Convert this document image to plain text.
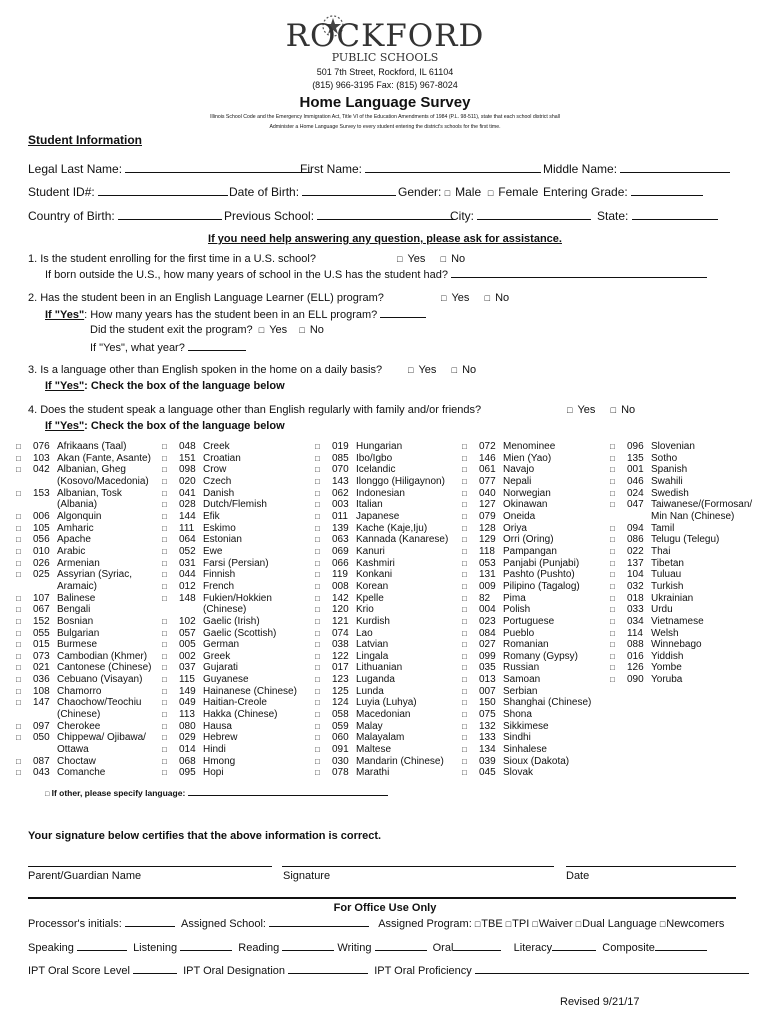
ROCKFORD
PUBLIC SCHOOLS
501 7th Street, Rockford, IL 61104
(815) 966-3195 Fax: (815) 967-8024
Home Language Survey
Illinois School Code and the Emergency Immigration Act, Title VI of the Education Amendments of 1984 (P.L. 98-511), state that each school district shall
Administer a Home Language Survey to every student entering the district's schools for the first time.
Student Information
Legal Last Name:	First Name:	Middle Name:
Student ID#:	Date of Birth:	Gender: □ Male □ Female Entering Grade:
Country of Birth:	Previous School:	City:	State:
If you need help answering any question, please ask for assistance.
1. Is the student enrolling for the first time in a U.S. school?	□ Yes □ No
If born outside the U.S., how many years of school in the U.S has the student had?
2. Has the student been in an English Language Learner (ELL) program?	□ Yes □ No
If "Yes": How many years has the student been in an ELL program?
Did the student exit the program? □ Yes □ No
If "Yes", what year?
3. Is a language other than English spoken in the home on a daily basis?	□ Yes □ No
If "Yes": Check the box of the language below
4. Does the student speak a language other than English regularly with family and/or friends?	□ Yes □ No
If "Yes": Check the box of the language below
□	076 Afrikaans (Taal)
□	103 Akan (Fante, Asante)
□	042 Albanian, Gheg
(Kosovo/Macedonia)
□	153 Albanian, Tosk
(Albania)
□	006 Algonquin
□	105 Amharic
□	056 Apache
□	010 Arabic
□	026 Armenian
□	025 Assyrian (Syriac,
Aramaic)
□	107 Balinese
□	067 Bengali
□	152 Bosnian
□	055 Bulgarian
□	015 Burmese
□	073 Cambodian (Khmer)
□	021 Cantonese (Chinese)
□	036 Cebuano (Visayan)
□	108 Chamorro
□	147 Chaochow/Teochiu
(Chinese)
□	097 Cherokee
□	050 Chippewa/ Ojibawa/
Ottawa
□	087 Choctaw
□	043 Comanche
□	048 Creek
□	151 Croatian
□	098 Crow
□	020 Czech
□	041 Danish
□	028 Dutch/Flemish
□	144 Efik
□	111 Eskimo
□	064 Estonian
□	052 Ewe
□	031 Farsi (Persian)
□	044 Finnish
□	012 French
□	148 Fukien/Hokkien
(Chinese)
□	102 Gaelic (Irish)
□	057 Gaelic (Scottish)
□	005 German
□	002 Greek
□	037 Gujarati
□	115 Guyanese
□	149 Hainanese (Chinese)
□	049 Haitian-Creole
□	113 Hakka (Chinese)
□	080 Hausa
□	029 Hebrew
□	014 Hindi
□	068 Hmong
□	095 Hopi
□	019 Hungarian
□	085 Ibo/Igbo
□	070 Icelandic
□	143 Ilonggo (Hiligaynon)
□	062 Indonesian
□	003 Italian
□	011 Japanese
□	139 Kache (Kaje,Iju)
□	063 Kannada (Kanarese)
□	069 Kanuri
□	066 Kashmiri
□	119 Konkani
□	008 Korean
□	142 Kpelle
□	120 Krio
□	121 Kurdish
□	074 Lao
□	038 Latvian
□	122 Lingala
□	017 Lithuanian
□	123 Luganda
□	125 Lunda
□	124 Luyia (Luhya)
□	058 Macedonian
□	059 Malay
□	060 Malayalam
□	091 Maltese
□	030 Mandarin (Chinese)
□	078 Marathi
□	072 Menominee
□	146 Mien (Yao)
□	061 Navajo
□	077 Nepali
□	040 Norwegian
□	127 Okinawan
□	079 Oneida
□	128 Oriya
□	129 Orri (Oring)
□	118 Pampangan
□	053 Panjabi (Punjabi)
□	131 Pashto (Pushto)
□	009 Pilipino (Tagalog)
□	82	Pima
□	004 Polish
□	023 Portuguese
□	084 Pueblo
□	027 Romanian
□	099 Romany (Gypsy)
□	035 Russian
□	013 Samoan
□	007 Serbian
□	150 Shanghai (Chinese)
□	075 Shona
□	132 Sikkimese
□	133 Sindhi
□	134 Sinhalese
□	039 Sioux (Dakota)
□	045 Slovak
□	096 Slovenian
□	135 Sotho
□	001 Spanish
□	046 Swahili
□	024 Swedish
□	047 Taiwanese/(Formosan/
Min Nan (Chinese)
□	094 Tamil
□	086 Telugu (Telegu)
□	022 Thai
□	137 Tibetan
□	104 Tuluau
□	032 Turkish
□	018 Ukrainian
□	033 Urdu
□	034 Vietnamese
□	114 Welsh
□	088 Winnebago
□	016 Yiddish
□	126 Yombe
□	090 Yoruba
□ If other, please specify language:
Your signature below certifies that the above information is correct.
Parent/Guardian Name	Signature	Date
For Office Use Only
Processor's initials:	Assigned School:	Assigned Program: □TBE □TPI □Waiver □Dual Language □Newcomers
Speaking	Listening	Reading	Writing	Oral	Literacy	Composite
IPT Oral Score Level	IPT Oral Designation	IPT Oral Proficiency
Revised 9/21/17
